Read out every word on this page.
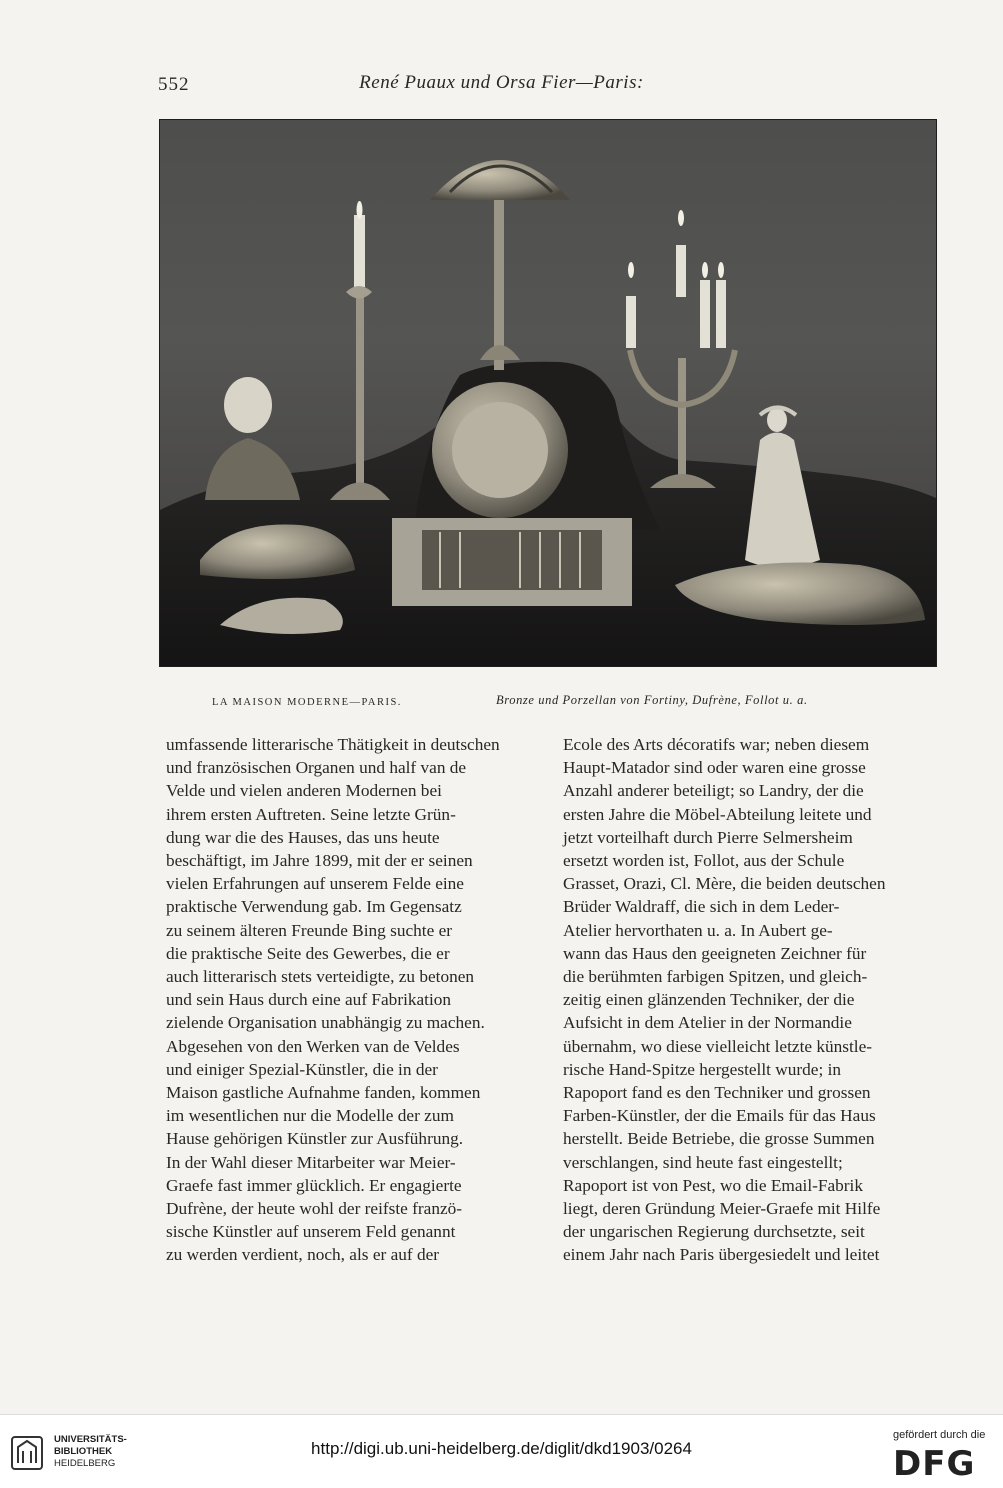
552	René Puaux und Orsa Fier—Paris:
LA MAISON MODERNE—PARIS.	Bronze und Porzellan von Fortiny, Dufrène, Follot u. a.

umfassende litterarische Thätigkeit in deutschen

und französischen Organen und half van de

Velde und vielen anderen Modernen bei

ihrem ersten Auftreten. Seine letzte Grün-

dung war die des Hauses, das uns heute

beschäftigt, im Jahre 1899, mit der er seinen

vielen Erfahrungen auf unserem Felde eine

praktische Verwendung gab. Im Gegensatz

zu seinem älteren Freunde Bing suchte er

die praktische Seite des Gewerbes, die er

auch litterarisch stets verteidigte, zu betonen

und sein Haus durch eine auf Fabrikation

zielende Organisation unabhängig zu machen.

Abgesehen von den Werken van de Veldes

und einiger Spezial-Künstler, die in der

Maison gastliche Aufnahme fanden, kommen

im wesentlichen nur die Modelle der zum

Hause gehörigen Künstler zur Ausführung.

In der Wahl dieser Mitarbeiter war Meier-

Graefe fast immer glücklich. Er engagierte

Dufrène, der heute wohl der reifste franzö-

sische Künstler auf unserem Feld genannt

zu werden verdient, noch, als er auf der

Ecole des Arts décoratifs war; neben diesem

Haupt-Matador sind oder waren eine grosse

Anzahl anderer beteiligt; so Landry, der die

ersten Jahre die Möbel-Abteilung leitete und

jetzt vorteilhaft durch Pierre Selmersheim

ersetzt worden ist, Follot, aus der Schule

Grasset, Orazi, Cl. Mère, die beiden deutschen

Brüder Waldraff, die sich in dem Leder-

Atelier hervorthaten u. a. In Aubert ge-

wann das Haus den geeigneten Zeichner für

die berühmten farbigen Spitzen, und gleich-

zeitig einen glänzenden Techniker, der die

Aufsicht in dem Atelier in der Normandie

übernahm, wo diese vielleicht letzte künstle-

rische Hand-Spitze hergestellt wurde; in

Rapoport fand es den Techniker und grossen

Farben-Künstler, der die Emails für das Haus

herstellt. Beide Betriebe, die grosse Summen

verschlangen, sind heute fast eingestellt;

Rapoport ist von Pest, wo die Email-Fabrik

liegt, deren Gründung Meier-Graefe mit Hilfe

der ungarischen Regierung durchsetzte, seit

einem Jahr nach Paris übergesiedelt und leitet

UNIVERSITÄTS-
BIBLIOTHEK
HEIDELBERG
http://digi.ub.uni-heidelberg.de/diglit/dkd1903/0264
gefördert durch die
DFG
